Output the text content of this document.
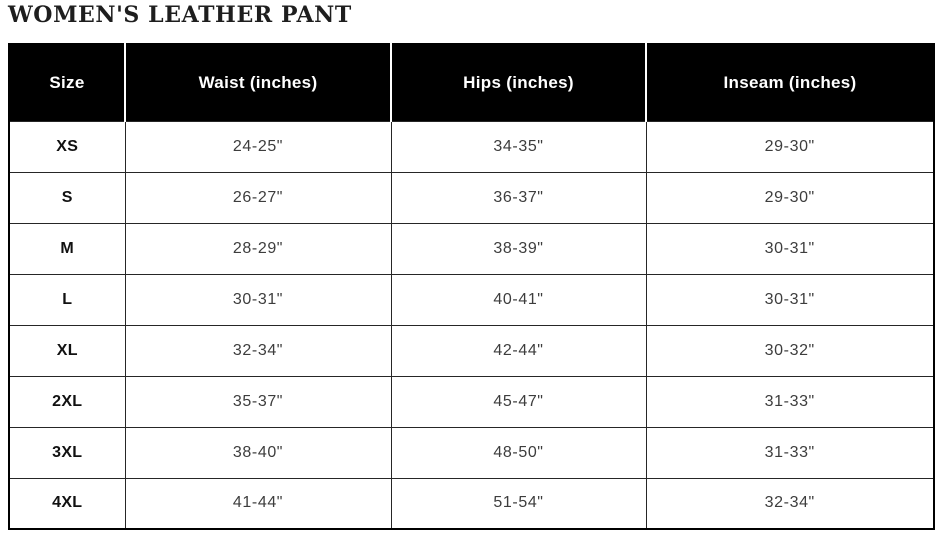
WOMEN'S LEATHER PANT
Size	Waist (inches)	Hips (inches)	Inseam (inches)
XS	24-25"	34-35"	29-30"
S	26-27"	36-37"	29-30"
M	28-29"	38-39"	30-31"
L	30-31"	40-41"	30-31"
XL	32-34"	42-44"	30-32"
2XL	35-37"	45-47"	31-33"
3XL	38-40"	48-50"	31-33"
4XL	41-44"	51-54"	32-34"
